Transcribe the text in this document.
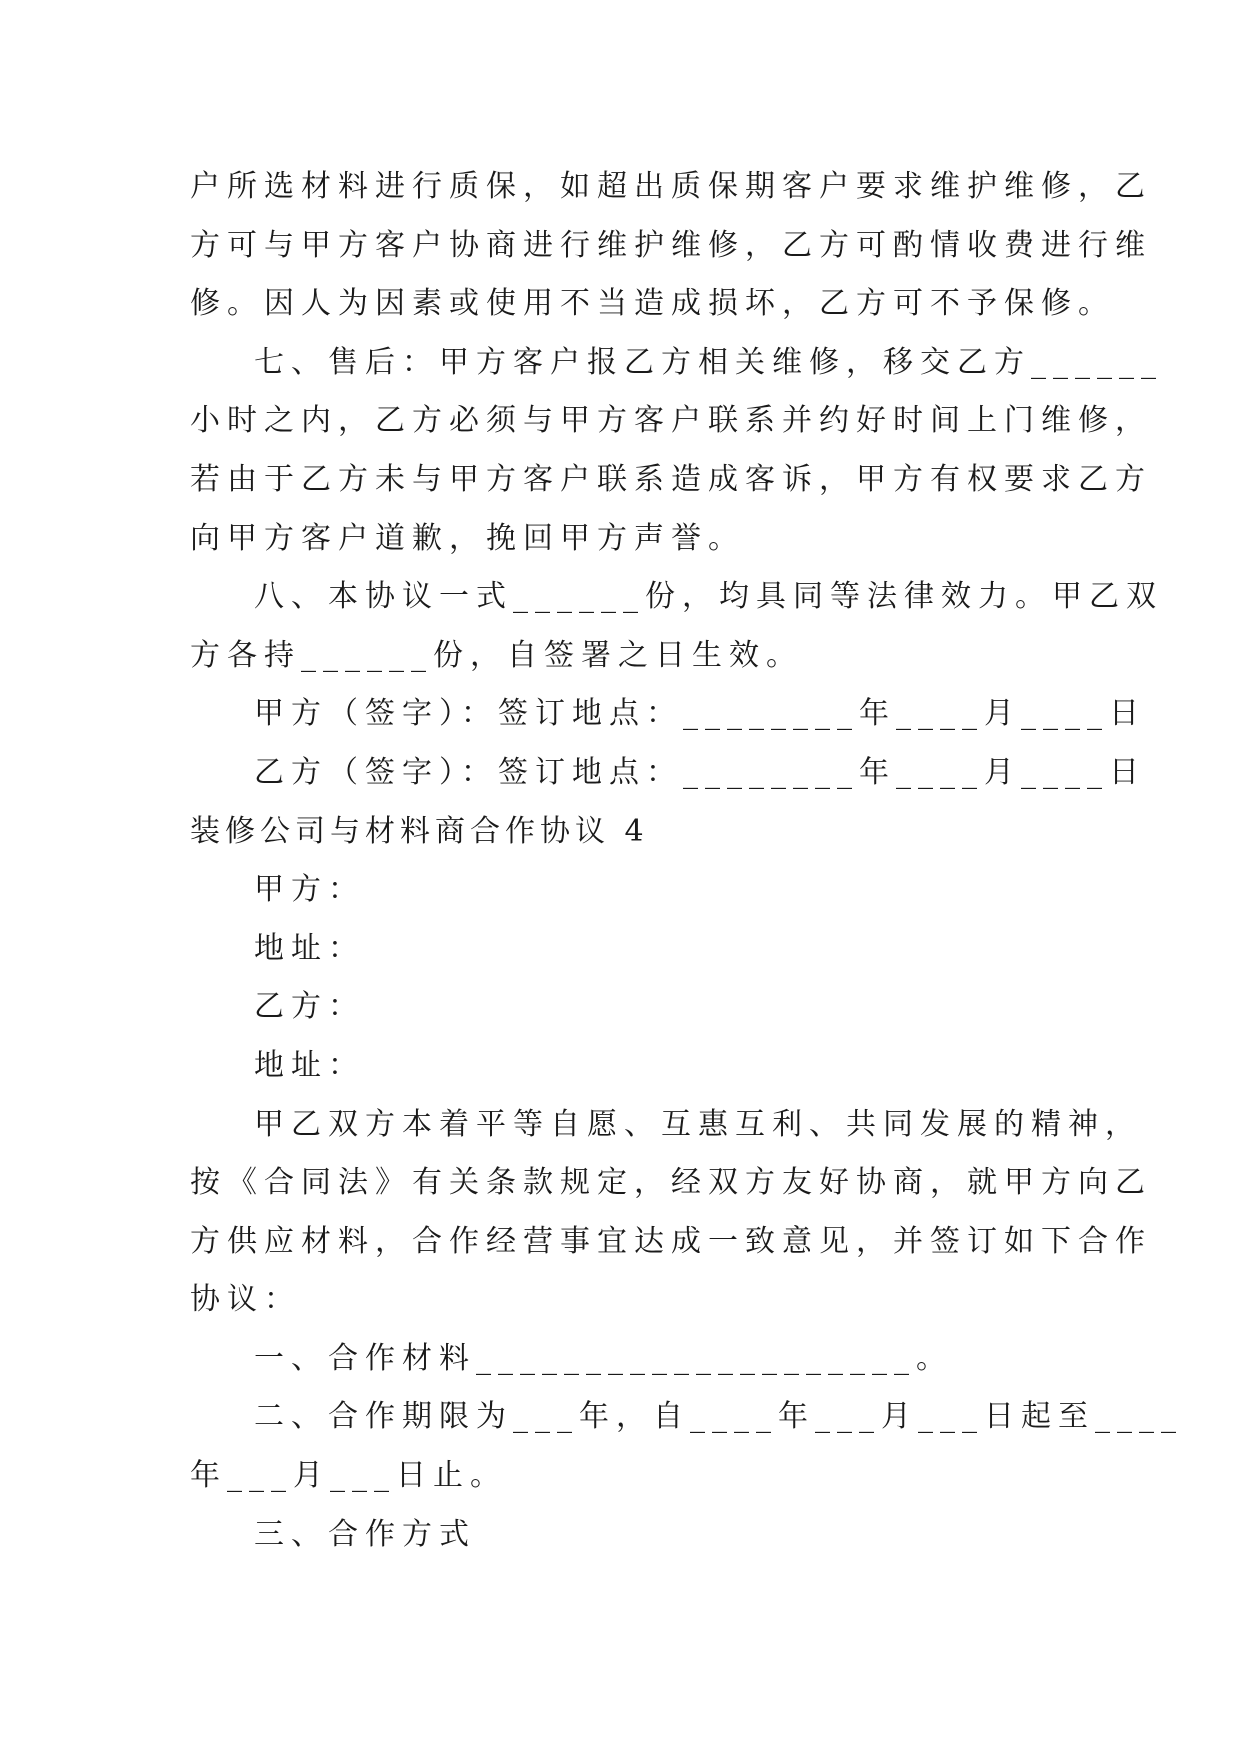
户所选材料进行质保，如超出质保期客户要求维护维修，乙
方可与甲方客户协商进行维护维修，乙方可酌情收费进行维
修。因人为因素或使用不当造成损坏，乙方可不予保修。
七、售后：甲方客户报乙方相关维修，移交乙方______
小时之内，乙方必须与甲方客户联系并约好时间上门维修，
若由于乙方未与甲方客户联系造成客诉，甲方有权要求乙方
向甲方客户道歉，挽回甲方声誉。
八、本协议一式______份，均具同等法律效力。甲乙双
方各持______份，自签署之日生效。
甲方（签字）：签订地点：________年____月____日
乙方（签字）：签订地点：________年____月____日
装修公司与材料商合作协议 4
甲方：
地址：
乙方：
地址：
甲乙双方本着平等自愿、互惠互利、共同发展的精神，
按《合同法》有关条款规定，经双方友好协商，就甲方向乙
方供应材料，合作经营事宜达成一致意见，并签订如下合作
协议：
一、合作材料____________________。
二、合作期限为___年，自____年___月___日起至____
年___月___日止。
三、合作方式
